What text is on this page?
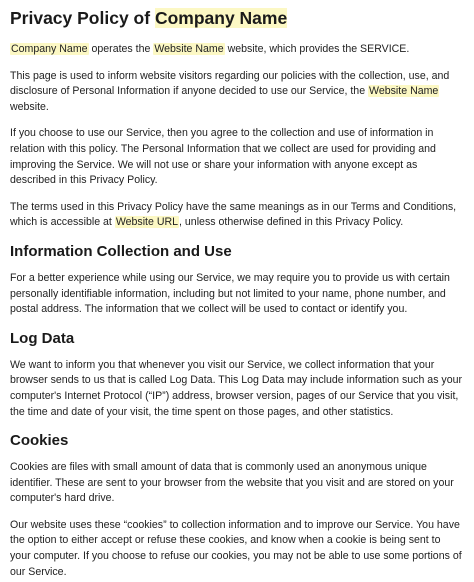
Privacy Policy of Company Name

Company Name operates the Website Name website, which provides the SERVICE.

This page is used to inform website visitors regarding our policies with the collection, use, and disclosure of Personal Information if anyone decided to use our Service, the Website Name website.

If you choose to use our Service, then you agree to the collection and use of information in relation with this policy. The Personal Information that we collect are used for providing and improving the Service. We will not use or share your information with anyone except as described in this Privacy Policy.

The terms used in this Privacy Policy have the same meanings as in our Terms and Conditions, which is accessible at Website URL, unless otherwise defined in this Privacy Policy.

Information Collection and Use

For a better experience while using our Service, we may require you to provide us with certain personally identifiable information, including but not limited to your name, phone number, and postal address. The information that we collect will be used to contact or identify you.

Log Data

We want to inform you that whenever you visit our Service, we collect information that your browser sends to us that is called Log Data. This Log Data may include information such as your computer's Internet Protocol (“IP”) address, browser version, pages of our Service that you visit, the time and date of your visit, the time spent on those pages, and other statistics.

Cookies

Cookies are files with small amount of data that is commonly used an anonymous unique identifier. These are sent to your browser from the website that you visit and are stored on your computer's hard drive.

Our website uses these “cookies” to collection information and to improve our Service. You have the option to either accept or refuse these cookies, and know when a cookie is being sent to your computer. If you choose to refuse our cookies, you may not be able to use some portions of our Service.
